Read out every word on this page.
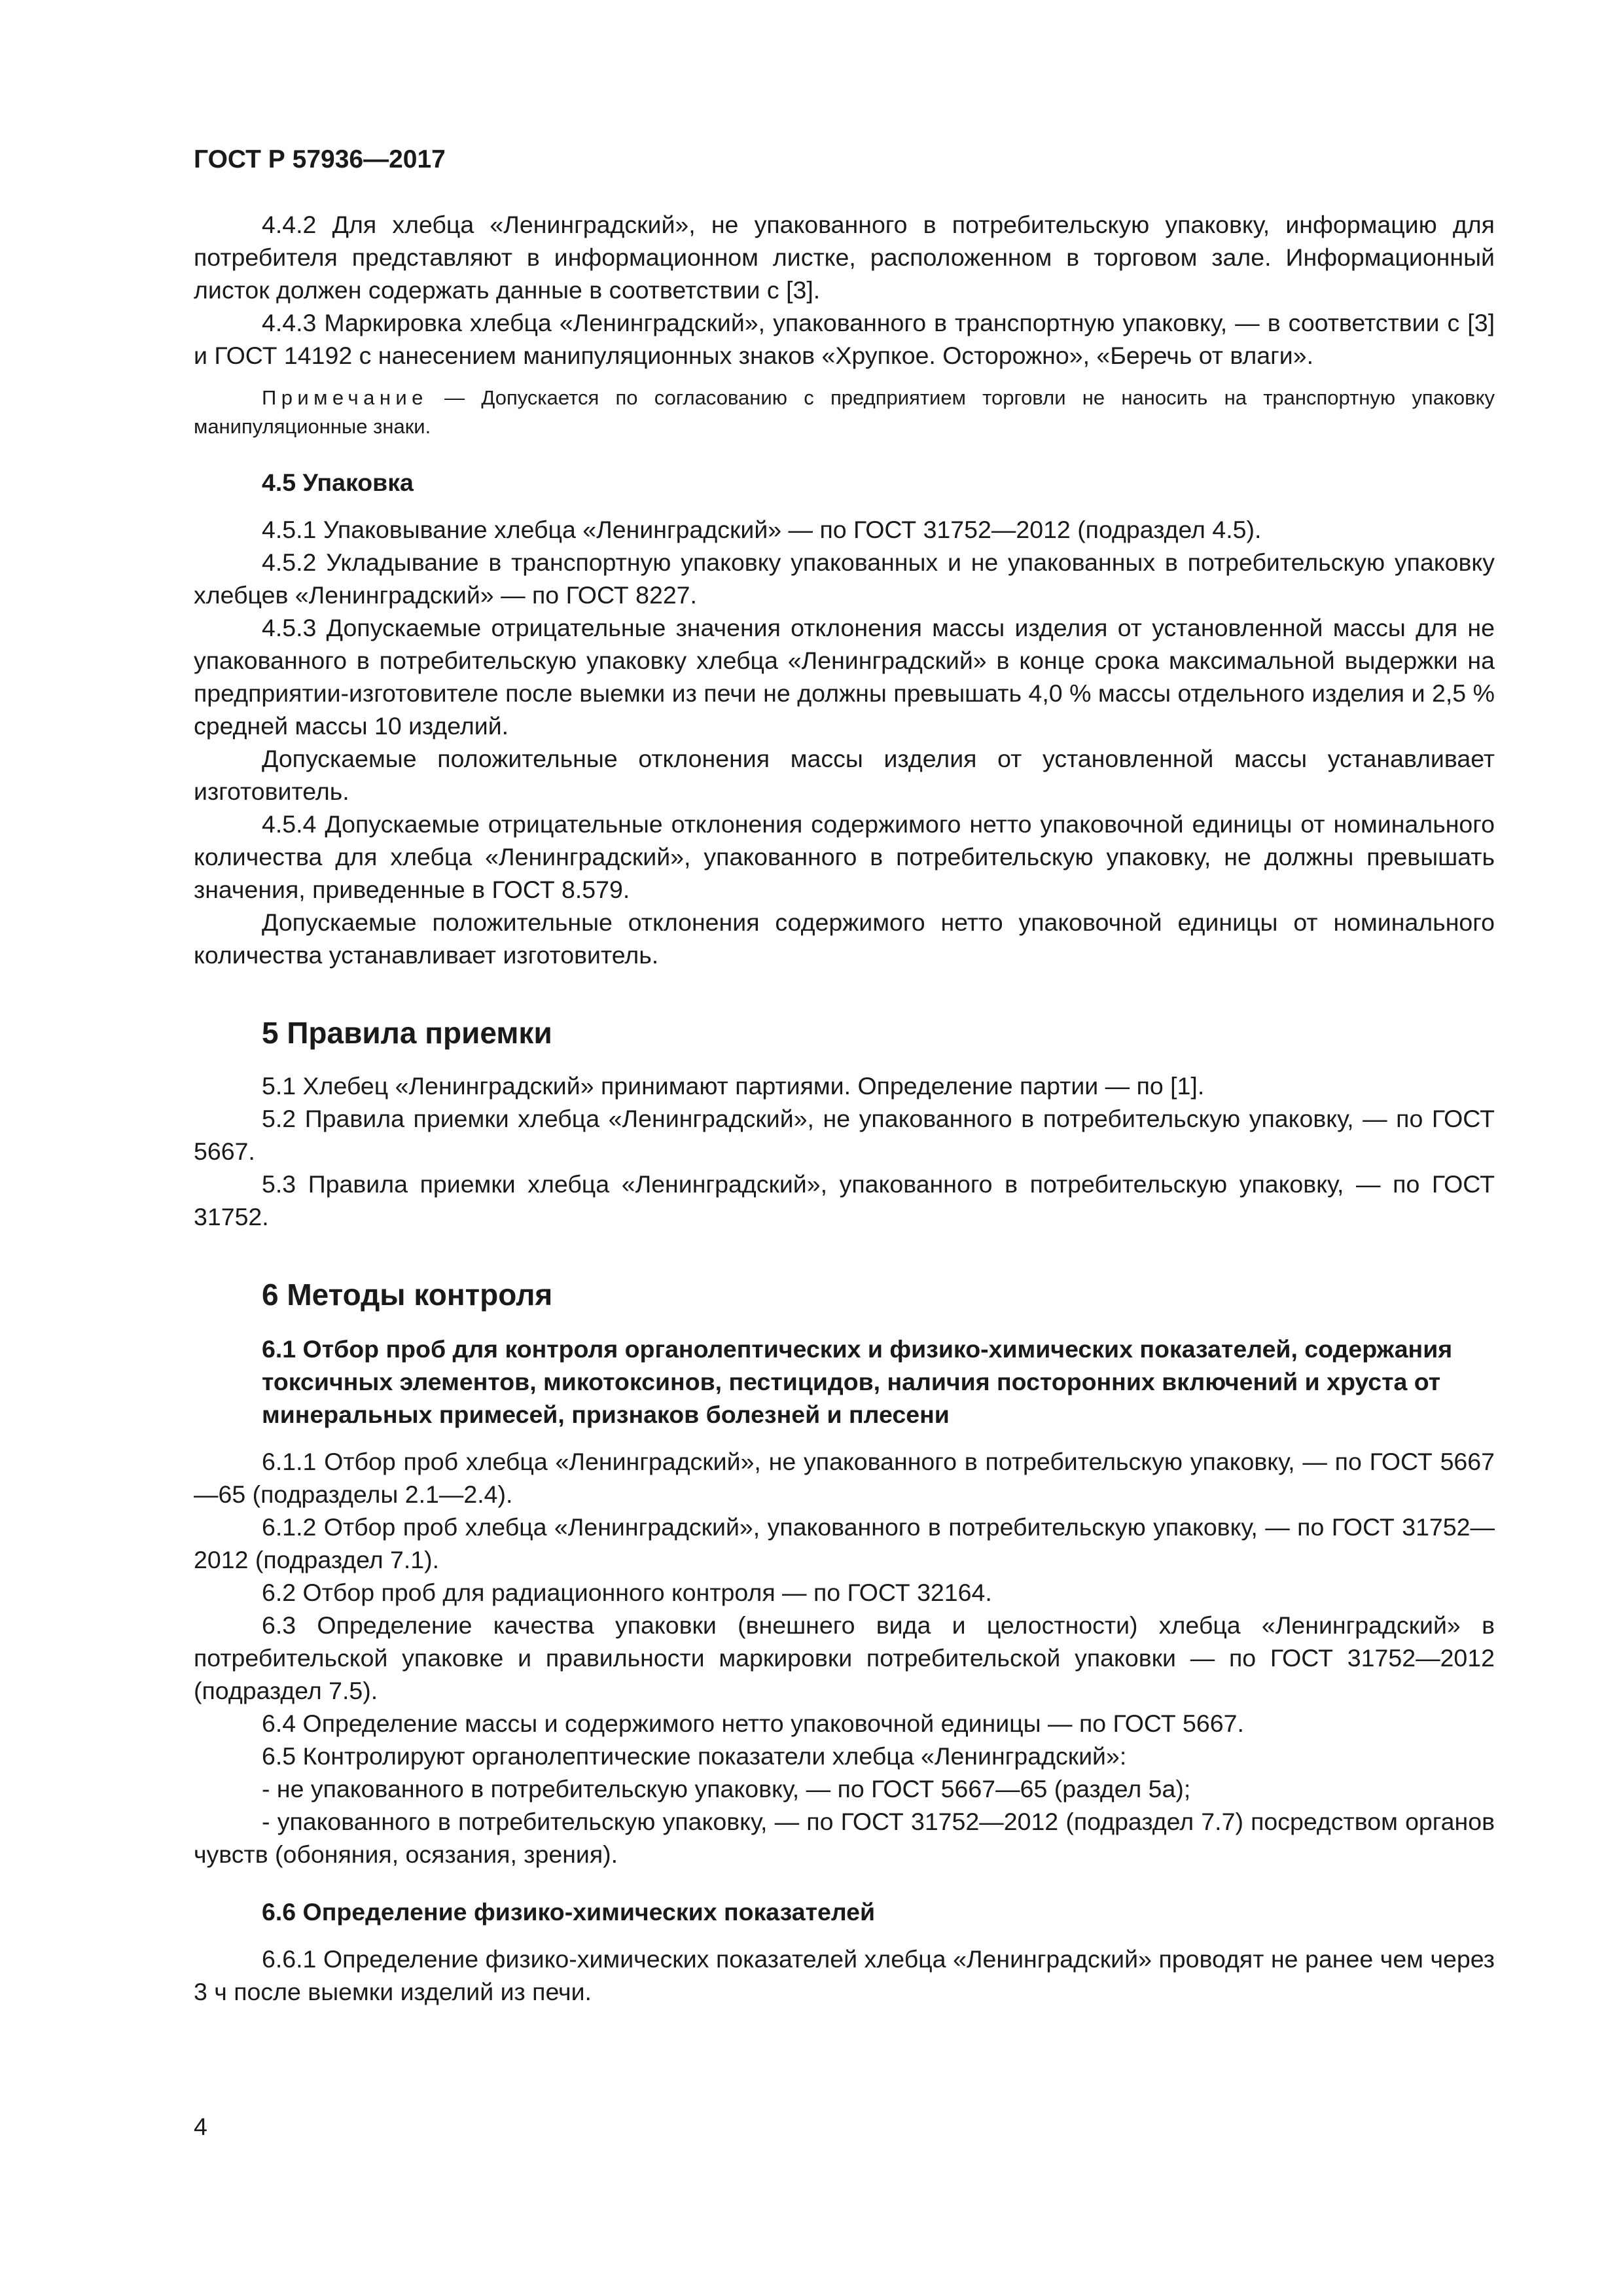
ГОСТ Р 57936—2017

4.4.2 Для хлебца «Ленинградский», не упакованного в потребительскую упаковку, информацию для потребителя представляют в информационном листке, расположенном в торговом зале. Информационный листок должен содержать данные в соответствии с [3].

4.4.3 Маркировка хлебца «Ленинградский», упакованного в транспортную упаковку, — в соответствии с [3] и ГОСТ 14192 с нанесением манипуляционных знаков «Хрупкое. Осторожно», «Беречь от влаги».

Примечание — Допускается по согласованию с предприятием торговли не наносить на транспортную упаковку манипуляционные знаки.

4.5 Упаковка

4.5.1 Упаковывание хлебца «Ленинградский» — по ГОСТ 31752—2012 (подраздел 4.5).

4.5.2 Укладывание в транспортную упаковку упакованных и не упакованных в потребительскую упаковку хлебцев «Ленинградский» — по ГОСТ 8227.

4.5.3 Допускаемые отрицательные значения отклонения массы изделия от установленной массы для не упакованного в потребительскую упаковку хлебца «Ленинградский» в конце срока максимальной выдержки на предприятии-изготовителе после выемки из печи не должны превышать 4,0 % массы отдельного изделия и 2,5 % средней массы 10 изделий.

Допускаемые положительные отклонения массы изделия от установленной массы устанавливает изготовитель.

4.5.4 Допускаемые отрицательные отклонения содержимого нетто упаковочной единицы от номинального количества для хлебца «Ленинградский», упакованного в потребительскую упаковку, не должны превышать значения, приведенные в ГОСТ 8.579.

Допускаемые положительные отклонения содержимого нетто упаковочной единицы от номинального количества устанавливает изготовитель.

5 Правила приемки

5.1 Хлебец «Ленинградский» принимают партиями. Определение партии — по [1].

5.2 Правила приемки хлебца «Ленинградский», не упакованного в потребительскую упаковку, — по ГОСТ 5667.

5.3 Правила приемки хлебца «Ленинградский», упакованного в потребительскую упаковку, — по ГОСТ 31752.

6 Методы контроля
6.1 Отбор проб для контроля органолептических и физико-химических показателей, содержания токсичных элементов, микотоксинов, пестицидов, наличия посторонних включений и хруста от минеральных примесей, признаков болезней и плесени

6.1.1 Отбор проб хлебца «Ленинградский», не упакованного в потребительскую упаковку, — по ГОСТ 5667—65 (подразделы 2.1—2.4).

6.1.2 Отбор проб хлебца «Ленинградский», упакованного в потребительскую упаковку, — по ГОСТ 31752—2012 (подраздел 7.1).

6.2 Отбор проб для радиационного контроля — по ГОСТ 32164.

6.3 Определение качества упаковки (внешнего вида и целостности) хлебца «Ленинградский» в потребительской упаковке и правильности маркировки потребительской упаковки — по ГОСТ 31752—2012 (подраздел 7.5).

6.4 Определение массы и содержимого нетто упаковочной единицы — по ГОСТ 5667.

6.5 Контролируют органолептические показатели хлебца «Ленинградский»:

- не упакованного в потребительскую упаковку, — по ГОСТ 5667—65 (раздел 5а);

- упакованного в потребительскую упаковку, — по ГОСТ 31752—2012 (подраздел 7.7) посредством органов чувств (обоняния, осязания, зрения).

6.6 Определение физико-химических показателей

6.6.1 Определение физико-химических показателей хлебца «Ленинградский» проводят не ранее чем через 3 ч после выемки изделий из печи.

4
